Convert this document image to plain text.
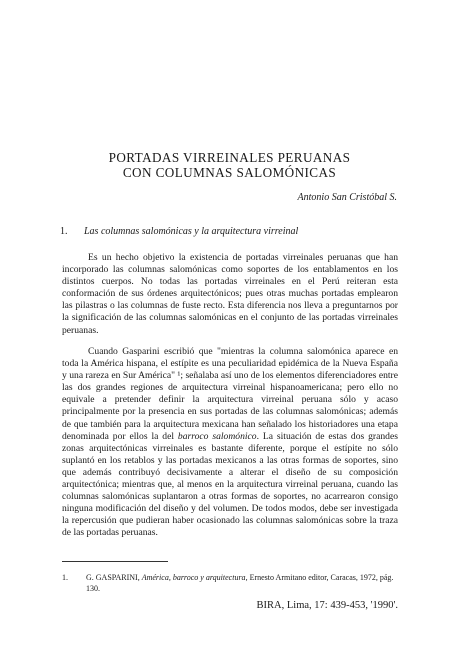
PORTADAS VIRREINALES PERUANAS
CON COLUMNAS SALOMÓNICAS
Antonio San Cristóbal S.
1. Las columnas salomónicas y la arquitectura virreinal

Es un hecho objetivo la existencia de portadas virreinales peruanas que han incorporado las columnas salomónicas como soportes de los entablamentos en los distintos cuerpos. No todas las portadas virreinales en el Perú reiteran esta conformación de sus órdenes arquitectónicos; pues otras muchas portadas emplearon las pilastras o las columnas de fuste recto. Esta diferencia nos lleva a preguntarnos por la significación de las columnas salomónicas en el conjunto de las portadas virreinales peruanas.

Cuando Gasparini escribió que "mientras la columna salomónica aparece en toda la América hispana, el estípite es una peculiaridad epidémica de la Nueva España y una rareza en Sur América" ¹; señalaba así uno de los elementos diferenciadores entre las dos grandes regiones de arquitectura virreinal hispanoamericana; pero ello no equivale a pretender definir la arquitectura virreinal peruana sólo y acaso principalmente por la presencia en sus portadas de las columnas salomónicas; además de que también para la arquitectura mexicana han señalado los historiadores una etapa denominada por ellos la del barroco salomónico. La situación de estas dos grandes zonas arquitectónicas virreinales es bastante diferente, porque el estípite no sólo suplantó en los retablos y las portadas mexicanos a las otras formas de soportes, sino que además contribuyó decisivamente a alterar el diseño de su composición arquitectónica; mientras que, al menos en la arquitectura virreinal peruana, cuando las columnas salomónicas suplantaron a otras formas de soportes, no acarrearon consigo ninguna modificación del diseño y del volumen. De todos modos, debe ser investigada la repercusión que pudieran haber ocasionado las columnas salomónicas sobre la traza de las portadas peruanas.

1.	G. GASPARINI, América, barroco y arquitectura, Ernesto Armitano editor, Caracas, 1972, pág. 130.
BIRA, Lima, 17: 439-453, '1990'.
